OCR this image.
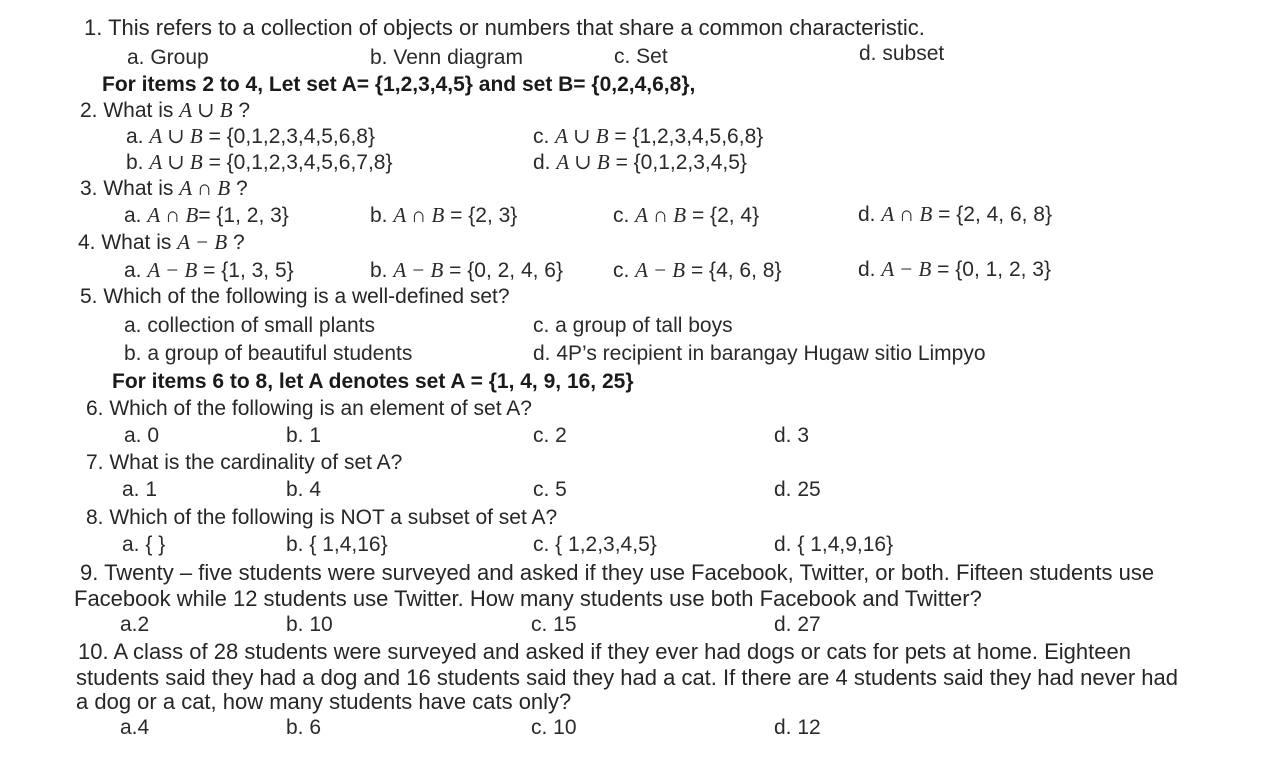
1. This refers to a collection of objects or numbers that share a common characteristic.
a. Group	b. Venn diagram	c. Set	d. subset
For items 2 to 4, Let set A= {1,2,3,4,5} and set B= {0,2,4,6,8},
2. What is A ∪ B ?
a. A ∪ B = {0,1,2,3,4,5,6,8}
b. A ∪ B = {0,1,2,3,4,5,6,7,8}
c. A ∪ B = {1,2,3,4,5,6,8}
d. A ∪ B = {0,1,2,3,4,5}
3. What is A ∩ B ?
a. A ∩ B= {1, 2, 3}	b. A ∩ B = {2, 3}	c. A ∩ B = {2, 4}	d. A ∩ B = {2, 4, 6, 8}
4. What is A − B ?
a. A − B = {1, 3, 5}	b. A − B = {0, 2, 4, 6} c. A − B = {4, 6, 8}	d. A − B = {0, 1, 2, 3}
5. Which of the following is a well-defined set?
a. collection of small plants
b. a group of beautiful students
c. a group of tall boys
d. 4P’s recipient in barangay Hugaw sitio Limpyo
For items 6 to 8, let A denotes set A = {1, 4, 9, 16, 25}
6. Which of the following is an element of set A?
a. 0	b. 1	c. 2	d. 3
7. What is the cardinality of set A?
a. 1	b. 4	c. 5	d. 25
8. Which of the following is NOT a subset of set A?
a. { }	b. { 1,4,16}	c. { 1,2,3,4,5}	d. { 1,4,9,16}
9. Twenty – five students were surveyed and asked if they use Facebook, Twitter, or both. Fifteen students use
Facebook while 12 students use Twitter. How many students use both Facebook and Twitter?
a.2	b. 10	c. 15	d. 27
10. A class of 28 students were surveyed and asked if they ever had dogs or cats for pets at home. Eighteen
students said they had a dog and 16 students said they had a cat. If there are 4 students said they had never had
a dog or a cat, how many students have cats only?
a.4	b. 6	c. 10	d. 12
